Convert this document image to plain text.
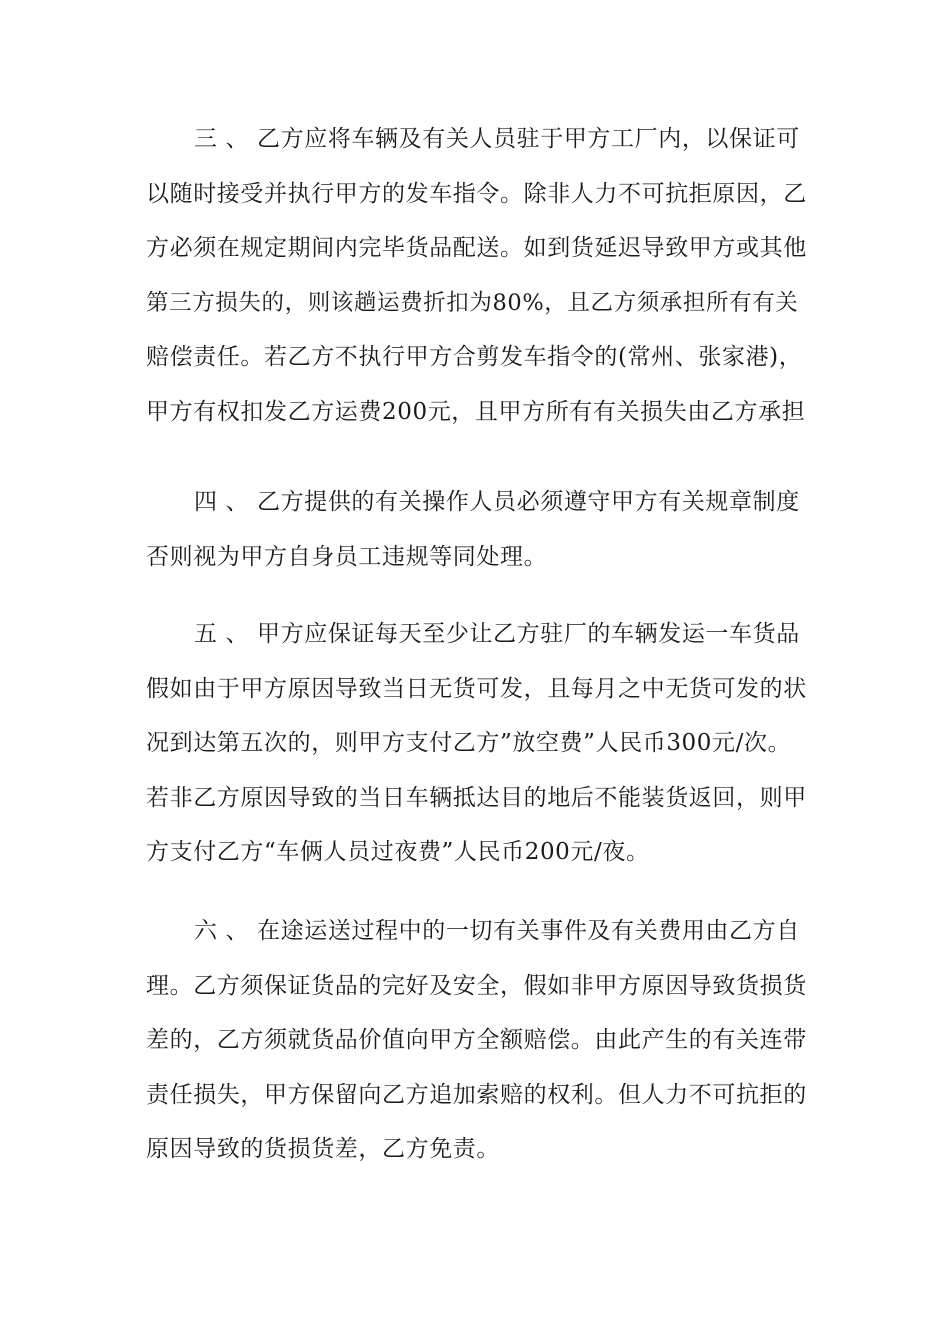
三 、 乙方应将车辆及有关人员驻于甲方工厂内，以保证可
以随时接受并执行甲方的发车指令。除非人力不可抗拒原因，乙
方必须在规定期间内完毕货品配送。如到货延迟导致甲方或其他
第三方损失的，则该趟运费折扣为80%，且乙方须承担所有有关
赔偿责任。若乙方不执行甲方合剪发车指令的(常州、张家港)，
甲方有权扣发乙方运费200元，且甲方所有有关损失由乙方承担
四 、 乙方提供的有关操作人员必须遵守甲方有关规章制度
否则视为甲方自身员工违规等同处理。
五 、 甲方应保证每天至少让乙方驻厂的车辆发运一车货品
假如由于甲方原因导致当日无货可发，且每月之中无货可发的状
况到达第五次的，则甲方支付乙方”放空费”人民币300元/次。
若非乙方原因导致的当日车辆抵达目的地后不能装货返回，则甲
方支付乙方“车俩人员过夜费”人民币200元/夜。
六 、 在途运送过程中的一切有关事件及有关费用由乙方自
理。乙方须保证货品的完好及安全，假如非甲方原因导致货损货
差的，乙方须就货品价值向甲方全额赔偿。由此产生的有关连带
责任损失，甲方保留向乙方追加索赔的权利。但人力不可抗拒的
原因导致的货损货差，乙方免责。
